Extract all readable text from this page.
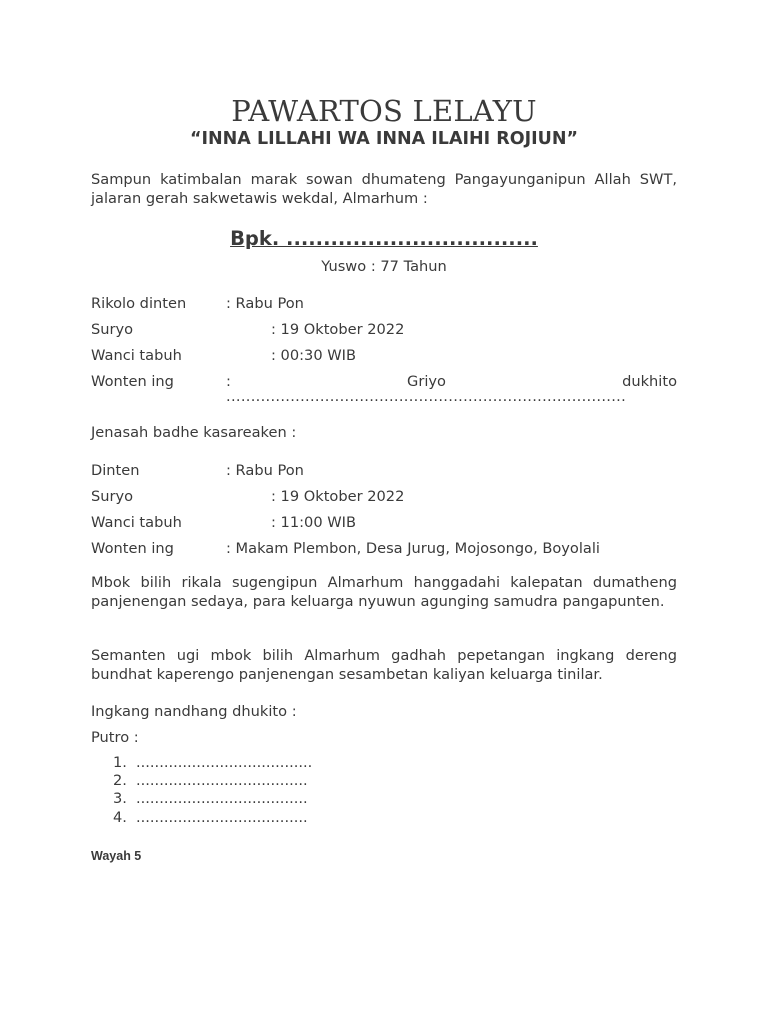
PAWARTOS LELAYU
“INNA LILLAHI WA INNA ILAIHI ROJIUN”

Sampun katimbalan marak sowan dhumateng Pangayunganipun Allah SWT, jalaran gerah sakwetawis wekdal, Almarhum :

Bpk. ..................................
Yuswo : 77 Tahun
Rikolo dinten	: Rabu Pon
Suryo	: 19 Oktober 2022
Wanci tabuh	: 00:30 WIB
Wonten ing	:	Griyo	dukhito
.................................................................................

Jenasah badhe kasareaken :

Dinten	: Rabu Pon
Suryo	: 19 Oktober 2022
Wanci tabuh	: 11:00 WIB
Wonten ing	: Makam Plembon, Desa Jurug, Mojosongo, Boyolali

Mbok bilih rikala sugengipun Almarhum hanggadahi kalepatan dumatheng panjenengan sedaya, para keluarga nyuwun agunging samudra pangapunten.

Semanten ugi mbok bilih Almarhum gadhah pepetangan ingkang dereng bundhat kaperengo panjenengan sesambetan kaliyan keluarga tinilar.

Ingkang nandhang dhukito :

Putro :

1. ......................................
2. .....................................
3. .....................................
4. .....................................

Wayah 5
